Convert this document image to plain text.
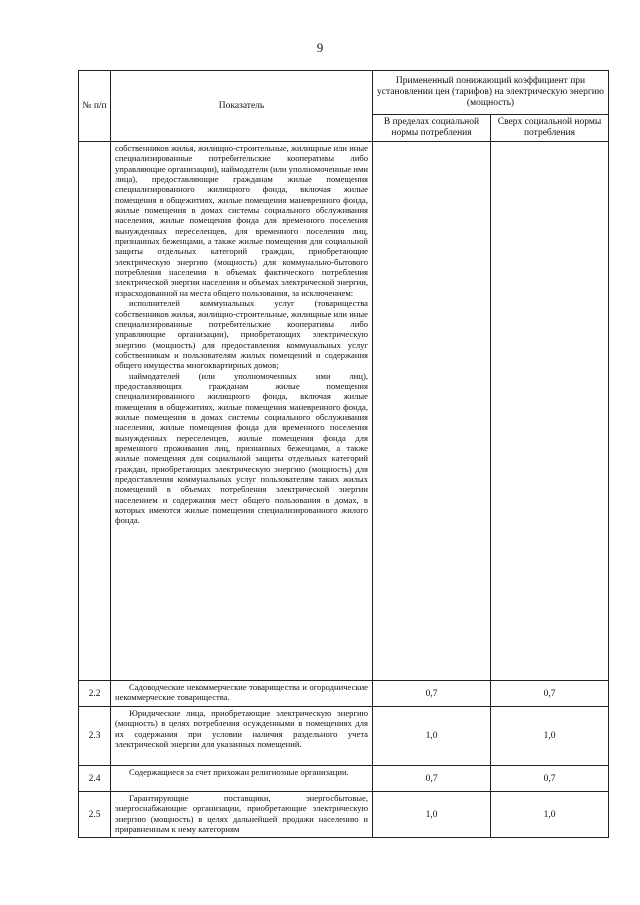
9
№ п/п	Показатель	Примененный понижающий коэффициент при установлении цен (тарифов) на электрическую энергию (мощность)	
		В пределах социальной нормы потребления	Сверх социальной нормы потребления

	собственников жилья, жилищно-строительные, жилищные или иные специализированные потребительские кооперативы либо управляющие организации), наймодатели (или уполномоченные ими лица), предоставляющие гражданам жилые помещения специализированного жилищного фонда, включая жилые помещения в общежитиях, жилые помещения маневренного фонда, жилые помещения в домах системы социального обслуживания населения, жилые помещения фонда для временного поселения вынужденных переселенцев, для временного поселения лиц, признанных беженцами, а также жилые помещения для социальной защиты отдельных категорий граждан, приобретающие электрическую энергию (мощность) для коммунально-бытового потребления населения в объемах фактического потребления электрической энергии населения и объемах электрической энергии, израсходованной на места общего пользования, за исключением:

исполнителей коммунальных услуг (товарищества собственников жилья, жилищно-строительные, жилищные или иные специализированные потребительские кооперативы либо управляющие организации), приобретающих электрическую энергию (мощность) для предоставления коммунальных услуг собственникам и пользователям жилых помещений и содержания общего имущества многоквартирных домов;

наймодателей (или уполномоченных ими лиц), предоставляющих гражданам жилые помещения специализированного жилищного фонда, включая жилые помещения в общежитиях, жилые помещения маневренного фонда, жилые помещения в домах системы социального обслуживания населения, жилые помещения фонда для временного поселения вынужденных переселенцев, жилые помещения фонда для временного проживания лиц, признанных беженцами, а также жилые помещения для социальной защиты отдельных категорий граждан, приобретающих электрическую энергию (мощность) для предоставления коммунальных услуг пользователям таких жилых помещений в объемах потребления электрической энергии населением и содержания мест общего пользования в домах, в которых имеются жилые помещения специализированного жилого фонда.		

2.2	Садоводческие некоммерческие товарищества и огороднические некоммерческие товарищества.	0,7	0,7
2.3	Юридические лица, приобретающие электрическую энергию (мощность) в целях потребления осужденными в помещениях для их содержания при условии наличия раздельного учета электрической энергии для указанных помещений.	1,0	1,0
2.4	Содержащиеся за счет прихожан религиозные организации.	0,7	0,7
2.5	Гарантирующие поставщики, энергосбытовые, энергоснабжающие организации, приобретающие электрическую энергию (мощность) в целях дальнейшей продажи населению и приравненным к нему категориям	1,0	1,0
